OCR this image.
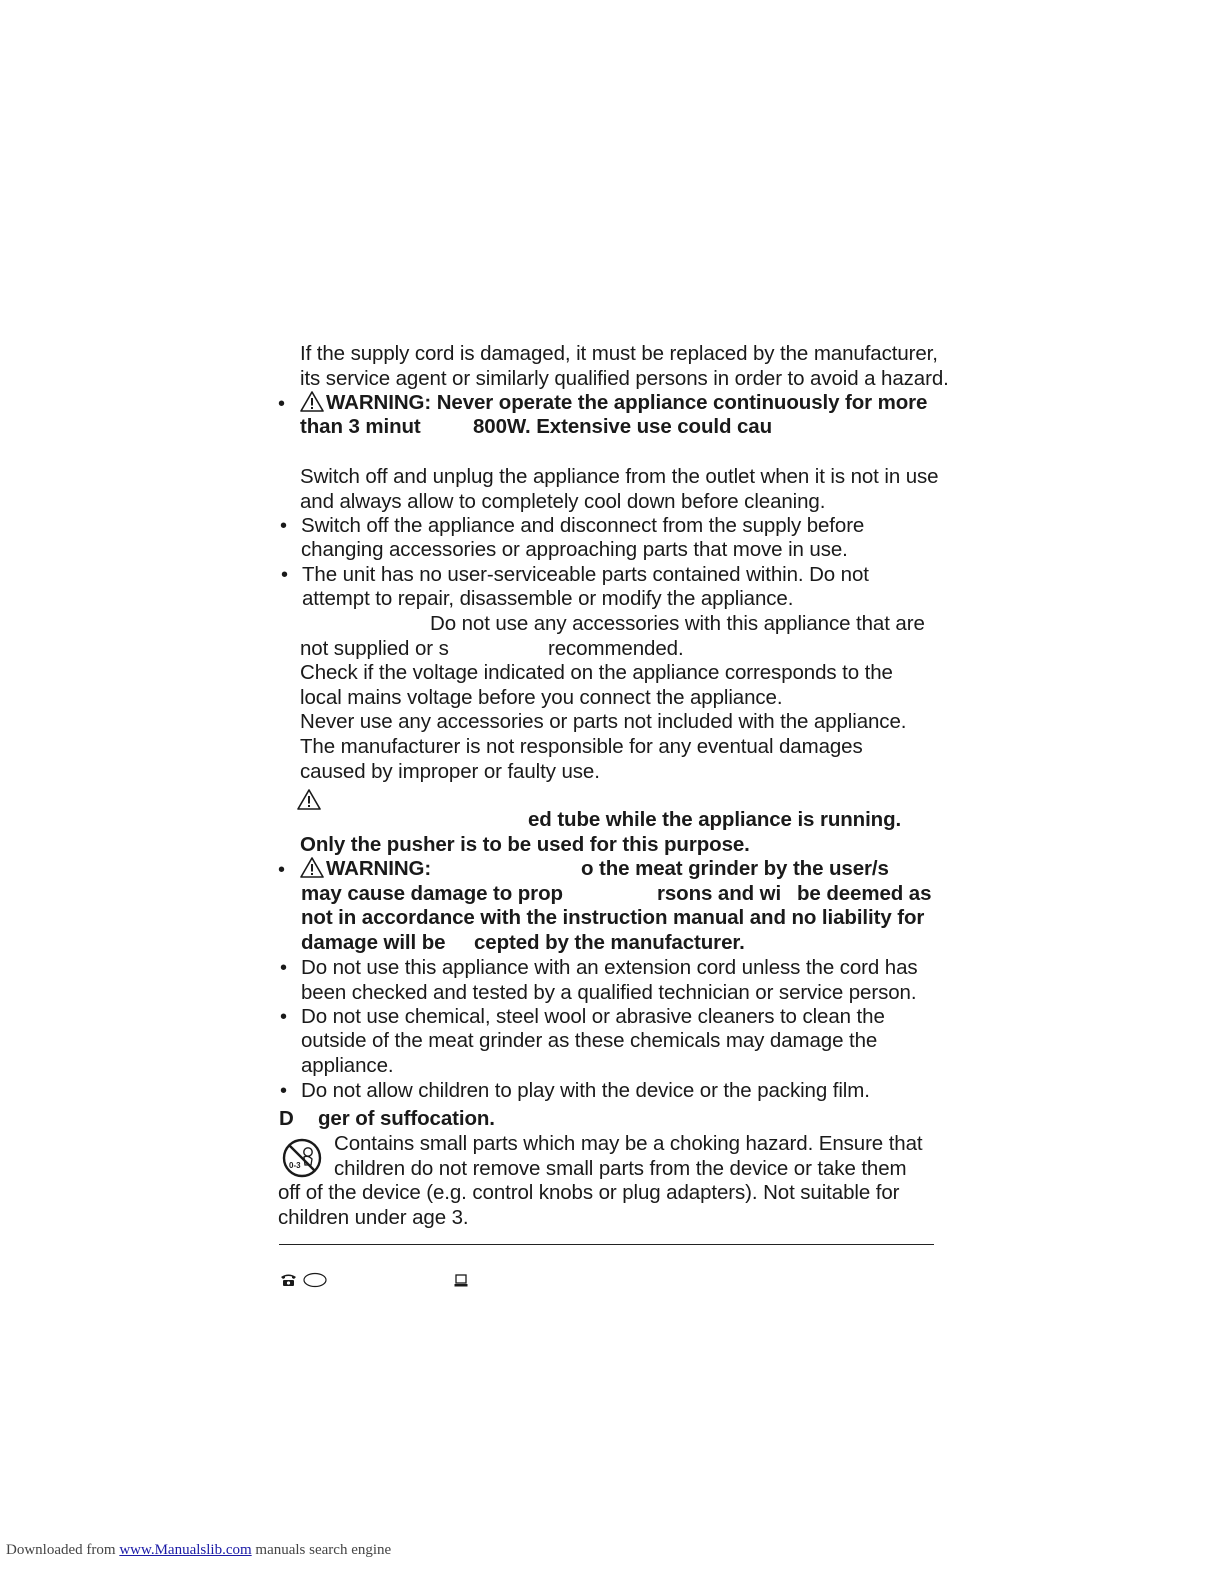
If the supply cord is damaged, it must be replaced by the manufacturer,
its service agent or similarly qualified persons in order to avoid a hazard.
•	WARNING: Never operate the appliance continuously for more
than 3 minut	800W. Extensive use could cau
Switch off and unplug the appliance from the outlet when it is not in use
and always allow to completely cool down before cleaning.
• Switch off the appliance and disconnect from the supply before
changing accessories or approaching parts that move in use.
• The unit has no user-serviceable parts contained within. Do not
attempt to repair, disassemble or modify the appliance.
Do not use any accessories with this appliance that are
not supplied or s	recommended.
Check if the voltage indicated on the appliance corresponds to the
local mains voltage before you connect the appliance.
Never use any accessories or parts not included with the appliance.
The manufacturer is not responsible for any eventual damages
caused by improper or faulty use.
ed tube while the appliance is running.
Only the pusher is to be used for this purpose.
•	WARNING:	o the meat grinder by the user/s
may cause damage to prop	rsons and wi be deemed as
not in accordance with the instruction manual and no liability for
damage will be cepted by the manufacturer.
• Do not use this appliance with an extension cord unless the cord has
been checked and tested by a qualified technician or service person.
• Do not use chemical, steel wool or abrasive cleaners to clean the
outside of the meat grinder as these chemicals may damage the
appliance.
• Do not allow children to play with the device or the packing film.
D ger of suffocation.
0-3
Contains small parts which may be a choking hazard. Ensure that
children do not remove small parts from the device or take them
off of the device (e.g. control knobs or plug adapters). Not suitable for
children under age 3.
Downloaded from www.Manualslib.com manuals search engine
